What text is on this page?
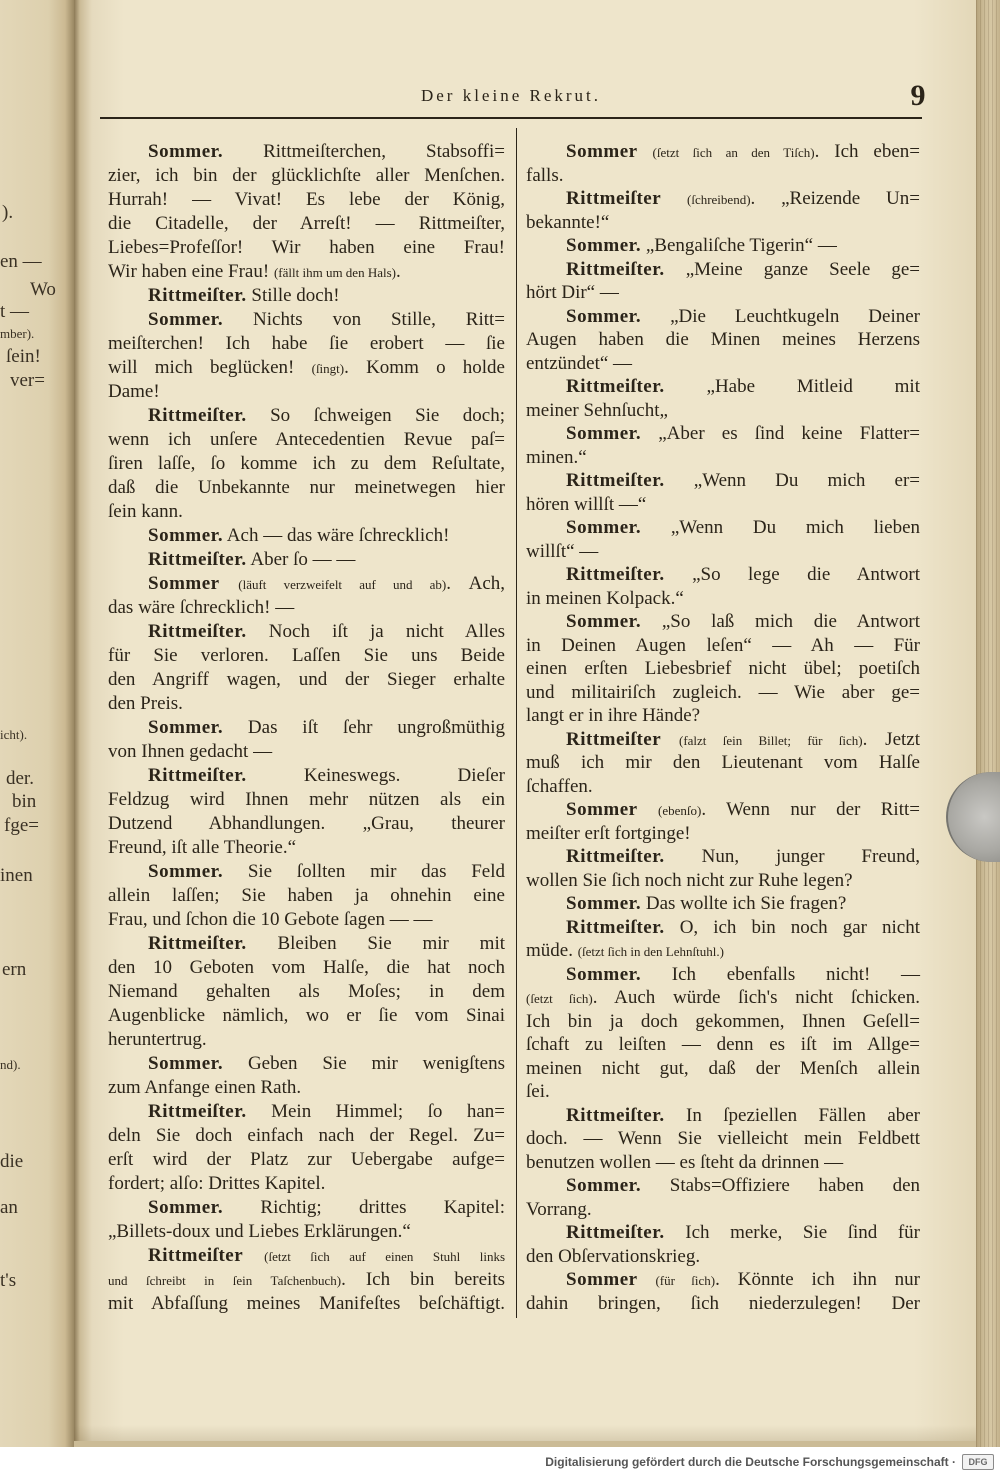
).
en —
Wo
t —
mber).
ſein!
ver=
icht).
der.
bin
fge=
inen
ern
nd).
die
an
t's
Der kleine Rekrut.	9
Sommer. Rittmeiſterchen, Stabsoffi=
zier, ich bin der glücklichſte aller Menſchen.
Hurrah! — Vivat! Es lebe der König,
die Citadelle, der Arreſt! — Rittmeiſter,
Liebes=Profeſſor! Wir haben eine Frau!
Wir haben eine Frau! (fällt ihm um den Hals).
Rittmeiſter. Stille doch!
Sommer. Nichts von Stille, Ritt=
meiſterchen! Ich habe ſie erobert — ſie
will mich beglücken! (ſingt). Komm o holde
Dame!
Rittmeiſter. So ſchweigen Sie doch;
wenn ich unſere Antecedentien Revue paſ=
ſiren laſſe, ſo komme ich zu dem Reſultate,
daß die Unbekannte nur meinetwegen hier
ſein kann.
Sommer. Ach — das wäre ſchrecklich!
Rittmeiſter. Aber ſo — —
Sommer (läuft verzweifelt auf und ab). Ach,
das wäre ſchrecklich! —
Rittmeiſter. Noch iſt ja nicht Alles
für Sie verloren. Laſſen Sie uns Beide
den Angriff wagen, und der Sieger erhalte
den Preis.
Sommer. Das iſt ſehr ungroßmüthig
von Ihnen gedacht —
Rittmeiſter.	Keineswegs. Dieſer
Feldzug wird Ihnen mehr nützen als ein
Dutzend Abhandlungen. „Grau, theurer
Freund, iſt alle Theorie.“
Sommer. Sie ſollten mir das Feld
allein laſſen; Sie haben ja ohnehin eine
Frau, und ſchon die 10 Gebote ſagen — —
Rittmeiſter. Bleiben Sie mir mit
den 10 Geboten vom Halſe, die hat noch
Niemand gehalten als Moſes; in dem
Augenblicke nämlich, wo er ſie vom Sinai
heruntertrug.
Sommer. Geben Sie mir wenigſtens
zum Anfange einen Rath.
Rittmeiſter. Mein Himmel; ſo han=
deln Sie doch einfach nach der Regel. Zu=
erſt wird der Platz zur Uebergabe aufge=
fordert; alſo: Drittes Kapitel.
Sommer. Richtig; drittes Kapitel:
„Billets-doux und Liebes Erklärungen.“
Rittmeiſter (ſetzt ſich auf einen Stuhl links
und ſchreibt in ſein Taſchenbuch). Ich bin bereits
mit Abfaſſung meines Manifeſtes beſchäftigt.
Sommer (ſetzt ſich an den Tiſch). Ich eben=
falls.
Rittmeiſter (ſchreibend). „Reizende Un=
bekannte!“
Sommer. „Bengaliſche Tigerin“ —
Rittmeiſter. „Meine ganze Seele ge=
hört Dir“ —
Sommer. „Die Leuchtkugeln Deiner
Augen haben die Minen meines Herzens
entzündet“ —
Rittmeiſter. „Habe Mitleid mit
meiner Sehnſucht„
Sommer. „Aber es ſind keine Flatter=
minen.“
Rittmeiſter. „Wenn Du mich er=
hören willſt —“
Sommer. „Wenn Du mich lieben
willſt“ —
Rittmeiſter. „So lege die Antwort
in meinen Kolpack.“
Sommer. „So laß mich die Antwort
in Deinen Augen leſen“ — Ah — Für
einen erſten Liebesbrief nicht übel; poetiſch
und militairiſch zugleich. — Wie aber ge=
langt er in ihre Hände?
Rittmeiſter (falzt ſein Billet; für ſich). Jetzt
muß ich mir den Lieutenant vom Halſe
ſchaffen.
Sommer (ebenſo). Wenn nur der Ritt=
meiſter erſt fortginge!
Rittmeiſter. Nun, junger Freund,
wollen Sie ſich noch nicht zur Ruhe legen?
Sommer. Das wollte ich Sie fragen?
Rittmeiſter. O, ich bin noch gar nicht
müde. (ſetzt ſich in den Lehnſtuhl.)
Sommer. Ich ebenfalls nicht! —
(ſetzt ſich). Auch würde ſich's nicht ſchicken.
Ich bin ja doch gekommen, Ihnen Geſell=
ſchaft zu leiſten — denn es iſt im Allge=
meinen nicht gut, daß der Menſch allein
ſei.
Rittmeiſter. In ſpeziellen Fällen aber
doch. — Wenn Sie vielleicht mein Feldbett
benutzen wollen — es ſteht da drinnen —
Sommer. Stabs=Offiziere haben den
Vorrang.
Rittmeiſter. Ich merke, Sie ſind für
den Obſervationskrieg.
Sommer (für ſich). Könnte ich ihn nur
dahin bringen, ſich niederzulegen! Der
Digitalisierung gefördert durch die Deutsche Forschungsgemeinschaft ·	DFG
